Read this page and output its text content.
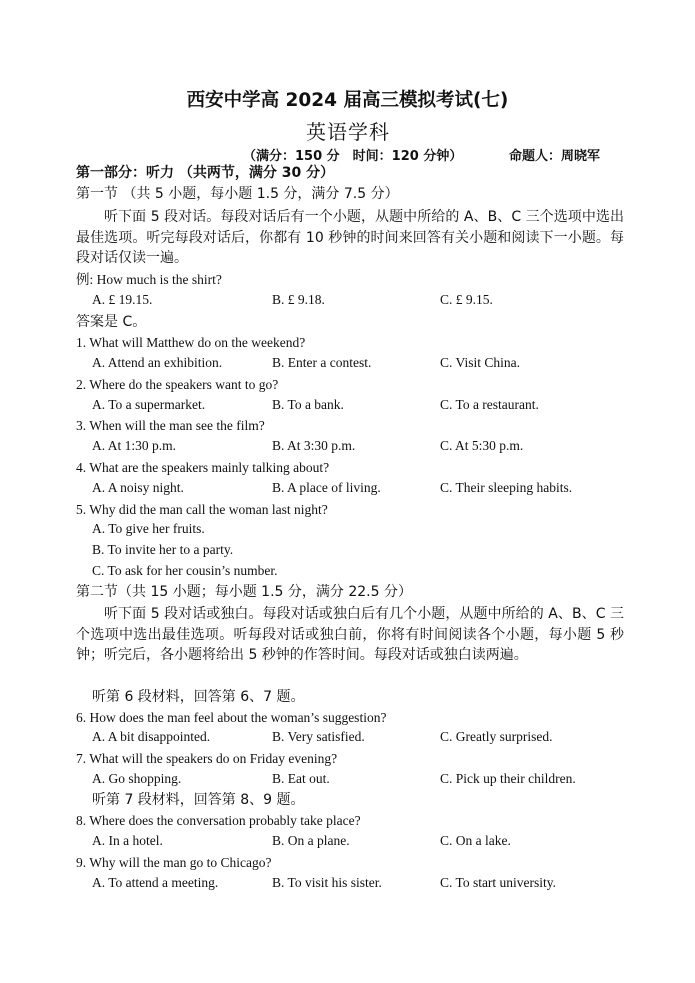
西安中学高 2024 届高三模拟考试(七)
英语学科
（满分：150 分　时间：120 分钟）	命题人：周晓军
第一部分：听力 （共两节，满分 30 分）
第一节 （共 5 小题，每小题 1.5 分，满分 7.5 分）
听下面 5 段对话。每段对话后有一个小题，从题中所给的 A、B、C 三个选项中选出最佳选项。听完每段对话后，你都有 10 秒钟的时间来回答有关小题和阅读下一小题。每段对话仅读一遍。
例: How much is the shirt?
A. £ 19.15.	B. £ 9.18.	C. £ 9.15.
答案是 C。
1. What will Matthew do on the weekend?
A. Attend an exhibition.	B. Enter a contest.	C. Visit China.
2. Where do the speakers want to go?
A. To a supermarket.	B. To a bank.	C. To a restaurant.
3. When will the man see the film?
A. At 1:30 p.m.	B. At 3:30 p.m.	C. At 5:30 p.m.
4. What are the speakers mainly talking about?
A. A noisy night.	B. A place of living.	C. Their sleeping habits.
5. Why did the man call the woman last night?
A. To give her fruits.
B. To invite her to a party.
C. To ask for her cousin’s number.
第二节（共 15 小题；每小题 1.5 分，满分 22.5 分）
听下面 5 段对话或独白。每段对话或独白后有几个小题，从题中所给的 A、B、C 三个选项中选出最佳选项。听每段对话或独白前，你将有时间阅读各个小题，每小题 5 秒钟；听完后，各小题将给出 5 秒钟的作答时间。每段对话或独白读两遍。
听第 6 段材料，回答第 6、7 题。
6. How does the man feel about the woman’s suggestion?
A. A bit disappointed.	B. Very satisfied.	C. Greatly surprised.
7. What will the speakers do on Friday evening?
A. Go shopping.	B. Eat out.	C. Pick up their children.
听第 7 段材料，回答第 8、9 题。
8. Where does the conversation probably take place?
A. In a hotel.	B. On a plane.	C. On a lake.
9. Why will the man go to Chicago?
A. To attend a meeting.	B. To visit his sister.	C. To start university.
